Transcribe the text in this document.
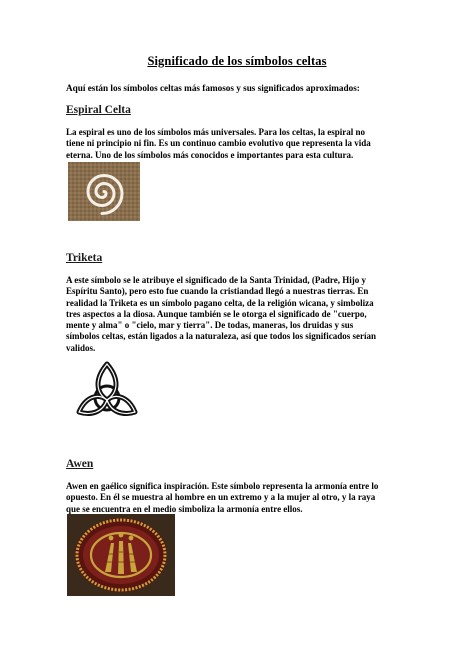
Significado de los símbolos celtas
Aquí están los símbolos celtas más famosos y sus significados aproximados:
Espiral Celta
La espiral es uno de los símbolos más universales. Para los celtas, la espiral no
tiene ni principio ni fin. Es un continuo cambio evolutivo que representa la vida
eterna. Uno de los símbolos más conocidos e importantes para esta cultura.
Triketa
A este símbolo se le atribuye el significado de la Santa Trinidad, (Padre, Hijo y
Espíritu Santo), pero esto fue cuando la cristiandad llegó a nuestras tierras. En
realidad la Triketa es un símbolo pagano celta, de la religión wicana, y simboliza
tres aspectos a la diosa. Aunque también se le otorga el significado de "cuerpo,
mente y alma" o "cielo, mar y tierra". De todas, maneras, los druidas y sus
símbolos celtas, están ligados a la naturaleza, así que todos los significados serían
validos.
Awen
Awen en gaélico significa inspiración. Este símbolo representa la armonía entre lo
opuesto. En él se muestra al hombre en un extremo y a la mujer al otro, y la raya
que se encuentra en el medio simboliza la armonía entre ellos.
